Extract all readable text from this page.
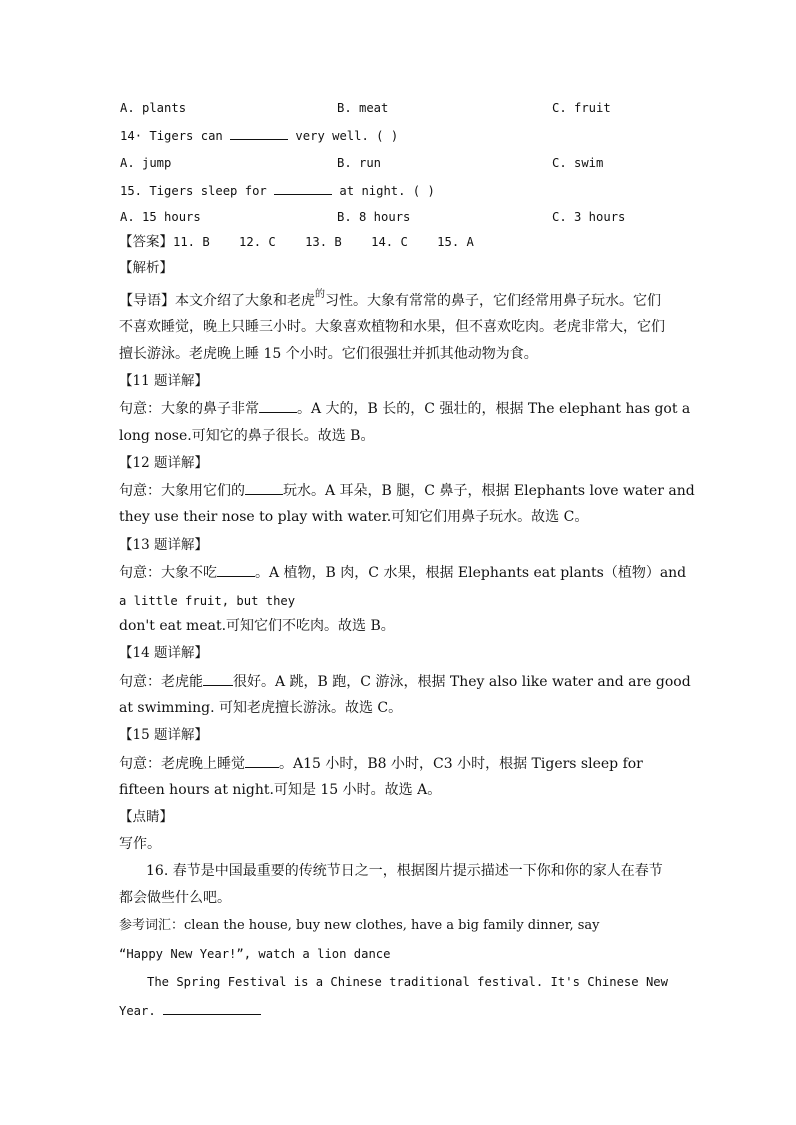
A. plants	B. meat	C. fruit
14· Tigers can	very well. ( )
A. jump	B. run	C. swim
15. Tigers sleep for	at night. ( )
A. 15 hours	B. 8 hours	C. 3 hours
【答案】11. B    12. C    13. B    14. C    15. A
【解析】
【导语】本文介绍了大象和老虎$^的$习性。大象有常常的鼻子，它们经常用鼻子玩水。它们
不喜欢睡觉，晚上只睡三小时。大象喜欢植物和水果，但不喜欢吃肉。老虎非常大，它们
擅长游泳。老虎晚上睡 15 个小时。它们很强壮并抓其他动物为食。
【11 题详解】
句意：大象的鼻子非常	。A 大的，B 长的，C 强壮的，根据 The elephant has got a
long nose.可知它的鼻子很长。故选 B。
【12 题详解】
句意：大象用它们的	玩水。A 耳朵，B 腿，C 鼻子，根据 Elephants love water and
they use their nose to play with water.可知它们用鼻子玩水。故选 C。
【13 题详解】
句意：大象不吃	。A 植物，B 肉，C 水果，根据 Elephants eat plants（植物）and
a little fruit, but they
don't eat meat.可知它们不吃肉。故选 B。
【14 题详解】
句意：老虎能 很好。A 跳，B 跑，C 游泳，根据 They also like water and are good
at swimming. 可知老虎擅长游泳。故选 C。
【15 题详解】
句意：老虎晚上睡觉 。A15 小时，B8 小时，C3 小时，根据 Tigers sleep for
fifteen hours at night.可知是 15 小时。故选 A。
【点睛】
写作。
16. 春节是中国最重要的传统节日之一，根据图片提示描述一下你和你的家人在春节
都会做些什么吧。
参考词汇：clean the house, buy new clothes, have a big family dinner, say
“Happy New Year!”, watch a lion dance
The Spring Festival is a Chinese traditional festival. It's Chinese New
Year.
